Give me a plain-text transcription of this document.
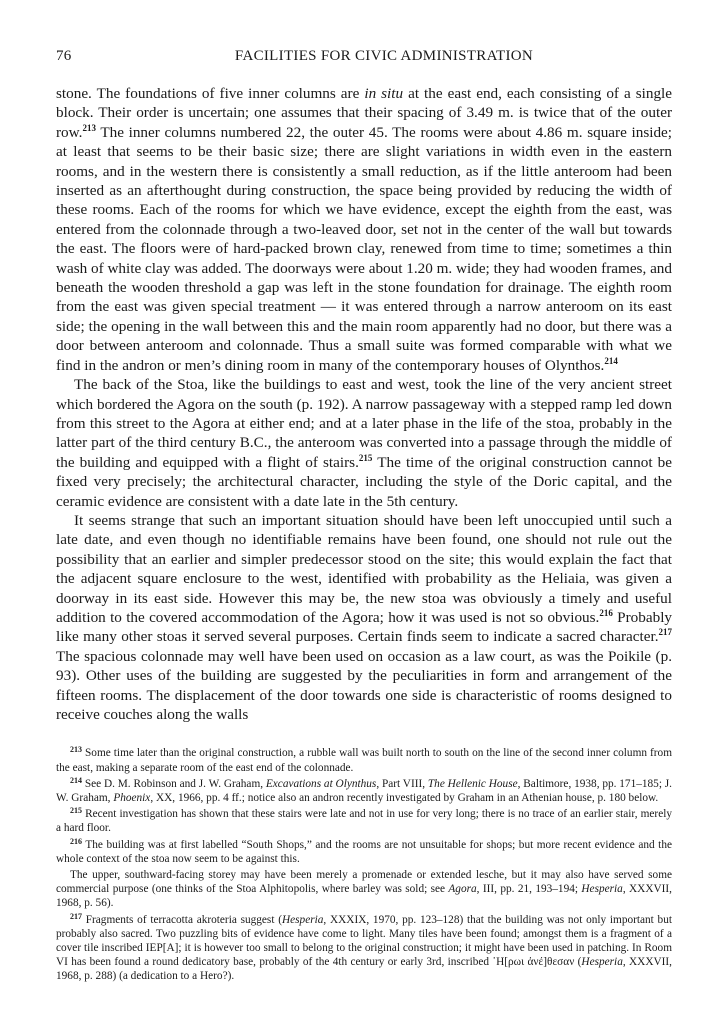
76	FACILITIES FOR CIVIC ADMINISTRATION

stone. The foundations of five inner columns are in situ at the east end, each consisting of a single block. Their order is uncertain; one assumes that their spacing of 3.49 m. is twice that of the outer row.$^{213}$ The inner columns numbered 22, the outer 45. The rooms were about 4.86 m. square inside; at least that seems to be their basic size; there are slight variations in width even in the eastern rooms, and in the western there is consistently a small reduction, as if the little anteroom had been inserted as an afterthought during construction, the space being provided by reducing the width of these rooms. Each of the rooms for which we have evidence, except the eighth from the east, was entered from the colonnade through a two-leaved door, set not in the center of the wall but towards the east. The floors were of hard-packed brown clay, renewed from time to time; sometimes a thin wash of white clay was added. The doorways were about 1.20 m. wide; they had wooden frames, and beneath the wooden threshold a gap was left in the stone foundation for drainage. The eighth room from the east was given special treatment — it was entered through a narrow anteroom on its east side; the opening in the wall between this and the main room apparently had no door, but there was a door between anteroom and colonnade. Thus a small suite was formed comparable with what we find in the andron or men’s dining room in many of the contemporary houses of Olynthos.$^{214}$

The back of the Stoa, like the buildings to east and west, took the line of the very ancient street which bordered the Agora on the south (p. 192). A narrow passageway with a stepped ramp led down from this street to the Agora at either end; and at a later phase in the life of the stoa, probably in the latter part of the third century B.C., the anteroom was converted into a passage through the middle of the building and equipped with a flight of stairs.$^{215}$ The time of the original construction cannot be fixed very precisely; the architectural character, including the style of the Doric capital, and the ceramic evidence are consistent with a date late in the 5th century.

It seems strange that such an important situation should have been left unoccupied until such a late date, and even though no identifiable remains have been found, one should not rule out the possibility that an earlier and simpler predecessor stood on the site; this would explain the fact that the adjacent square enclosure to the west, identified with probability as the Heliaia, was given a doorway in its east side. However this may be, the new stoa was obviously a timely and useful addition to the covered accommodation of the Agora; how it was used is not so obvious.$^{216}$ Probably like many other stoas it served several purposes. Certain finds seem to indicate a sacred character.$^{217}$ The spacious colonnade may well have been used on occasion as a law court, as was the Poikile (p. 93). Other uses of the building are suggested by the peculiarities in form and arrangement of the fifteen rooms. The displacement of the door towards one side is characteristic of rooms designed to receive couches along the walls

$^{213}$ Some time later than the original construction, a rubble wall was built north to south on the line of the second inner column from the east, making a separate room of the east end of the colonnade.

$^{214}$ See D. M. Robinson and J. W. Graham, Excavations at Olynthus, Part VIII, The Hellenic House, Baltimore, 1938, pp. 171–185; J. W. Graham, Phoenix, XX, 1966, pp. 4 ff.; notice also an andron recently investigated by Graham in an Athenian house, p. 180 below.

$^{215}$ Recent investigation has shown that these stairs were late and not in use for very long; there is no trace of an earlier stair, merely a hard floor.

$^{216}$ The building was at first labelled “South Shops,” and the rooms are not unsuitable for shops; but more recent evidence and the whole context of the stoa now seem to be against this.

The upper, southward-facing storey may have been merely a promenade or extended lesche, but it may also have served some commercial purpose (one thinks of the Stoa Alphitopolis, where barley was sold; see Agora, III, pp. 21, 193–194; Hesperia, XXXVII, 1968, p. 56).

$^{217}$ Fragments of terracotta akroteria suggest (Hesperia, XXXIX, 1970, pp. 123–128) that the building was not only important but probably also sacred. Two puzzling bits of evidence have come to light. Many tiles have been found; amongst them is a fragment of a cover tile inscribed ΙΕΡ[Α]; it is however too small to belong to the original construction; it might have been used in patching. In Room VI has been found a round dedicatory base, probably of the 4th century or early 3rd, inscribed ῾Η[ρωι ἀνέ]θεσαν (Hesperia, XXXVII, 1968, p. 288) (a dedication to a Hero?).
